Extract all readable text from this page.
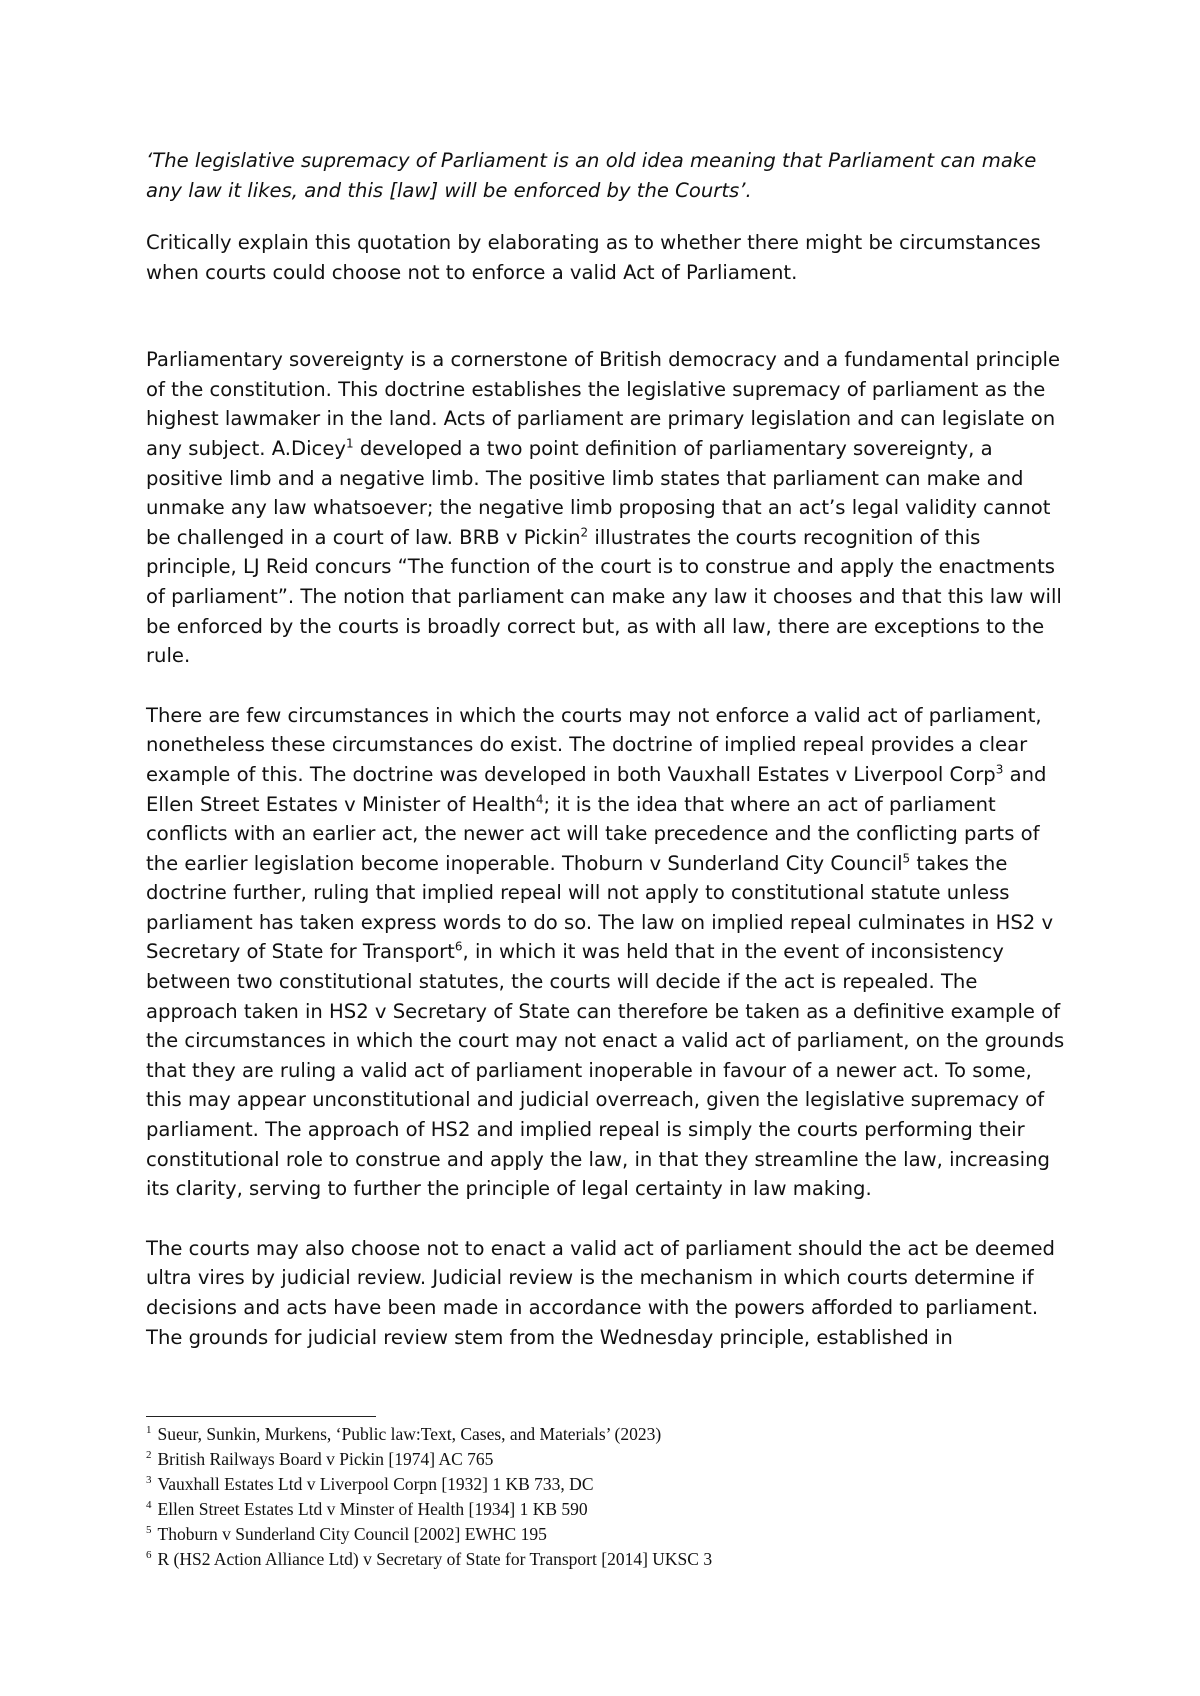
‘The legislative supremacy of Parliament is an old idea meaning that Parliament can make any law it likes, and this [law] will be enforced by the Courts’.

Critically explain this quotation by elaborating as to whether there might be circumstances when courts could choose not to enforce a valid Act of Parliament.

Parliamentary sovereignty is a cornerstone of British democracy and a fundamental principle of the constitution. This doctrine establishes the legislative supremacy of parliament as the highest lawmaker in the land. Acts of parliament are primary legislation and can legislate on any subject. A.Dicey$^1$ developed a two point definition of parliamentary sovereignty, a positive limb and a negative limb. The positive limb states that parliament can make and unmake any law whatsoever; the negative limb proposing that an act’s legal validity cannot be challenged in a court of law. BRB v Pickin$^2$ illustrates the courts recognition of this principle, LJ Reid concurs “The function of the court is to construe and apply the enactments of parliament”. The notion that parliament can make any law it chooses and that this law will be enforced by the courts is broadly correct but, as with all law, there are exceptions to the rule.

There are few circumstances in which the courts may not enforce a valid act of parliament, nonetheless these circumstances do exist. The doctrine of implied repeal provides a clear example of this. The doctrine was developed in both Vauxhall Estates v Liverpool Corp$^3$ and Ellen Street Estates v Minister of Health$^4$; it is the idea that where an act of parliament conflicts with an earlier act, the newer act will take precedence and the conflicting parts of the earlier legislation become inoperable. Thoburn v Sunderland City Council$^5$ takes the doctrine further, ruling that implied repeal will not apply to constitutional statute unless parliament has taken express words to do so. The law on implied repeal culminates in HS2 v Secretary of State for Transport$^6$, in which it was held that in the event of inconsistency between two constitutional statutes, the courts will decide if the act is repealed. The approach taken in HS2 v Secretary of State can therefore be taken as a definitive example of the circumstances in which the court may not enact a valid act of parliament, on the grounds that they are ruling a valid act of parliament inoperable in favour of a newer act. To some, this may appear unconstitutional and judicial overreach, given the legislative supremacy of parliament. The approach of HS2 and implied repeal is simply the courts performing their constitutional role to construe and apply the law, in that they streamline the law, increasing its clarity, serving to further the principle of legal certainty in law making.

The courts may also choose not to enact a valid act of parliament should the act be deemed ultra vires by judicial review. Judicial review is the mechanism in which courts determine if decisions and acts have been made in accordance with the powers afforded to parliament. The grounds for judicial review stem from the Wednesday principle, established in

$^1$ Sueur, Sunkin, Murkens, ‘Public law:Text, Cases, and Materials’ (2023)

$^2$ British Railways Board v Pickin [1974] AC 765

$^3$ Vauxhall Estates Ltd v Liverpool Corpn [1932] 1 KB 733, DC

$^4$ Ellen Street Estates Ltd v Minster of Health [1934] 1 KB 590

$^5$ Thoburn v Sunderland City Council [2002] EWHC 195

$^6$ R (HS2 Action Alliance Ltd) v Secretary of State for Transport [2014] UKSC 3
